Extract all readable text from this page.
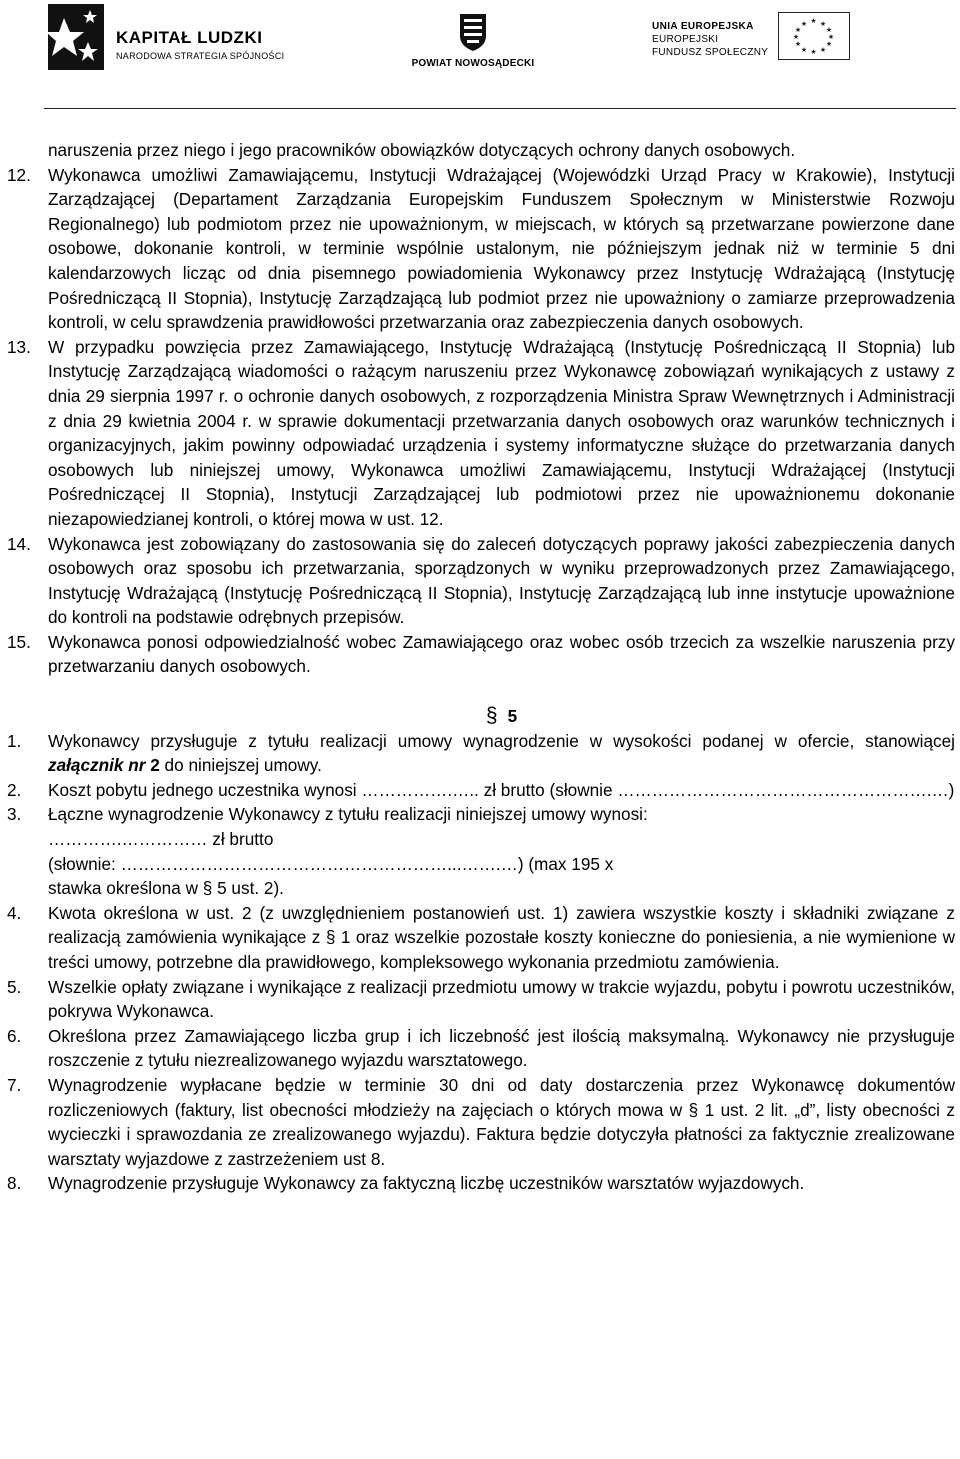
KAPITAŁ LUDZKI
NARODOWA STRATEGIA SPÓJNOŚCI
POWIAT NOWOSĄDECKI
UNIA EUROPEJSKA
EUROPEJSKI
FUNDUSZ SPOŁECZNY
★ ★
★
★
★
★
★
★
★
★
★
★

naruszenia przez niego i jego pracowników obowiązków dotyczących ochrony danych osobowych.

12. Wykonawca umożliwi Zamawiającemu, Instytucji Wdrażającej (Wojewódzki Urząd Pracy w Krakowie), Instytucji Zarządzającej (Departament Zarządzania Europejskim Funduszem Społecznym w Ministerstwie Rozwoju Regionalnego) lub podmiotom przez nie upoważnionym, w miejscach, w których są przetwarzane powierzone dane osobowe, dokonanie kontroli, w terminie wspólnie ustalonym, nie późniejszym jednak niż w terminie 5 dni kalendarzowych licząc od dnia pisemnego powiadomienia Wykonawcy przez Instytucję Wdrażającą (Instytucję Pośredniczącą II Stopnia), Instytucję Zarządzającą lub podmiot przez nie upoważniony o zamiarze przeprowadzenia kontroli, w celu sprawdzenia prawidłowości przetwarzania oraz zabezpieczenia danych osobowych.
13. W przypadku powzięcia przez Zamawiającego, Instytucję Wdrażającą (Instytucję Pośredniczącą II Stopnia) lub Instytucję Zarządzającą wiadomości o rażącym naruszeniu przez Wykonawcę zobowiązań wynikających z ustawy z dnia 29 sierpnia 1997 r. o ochronie danych osobowych, z rozporządzenia Ministra Spraw Wewnętrznych i Administracji z dnia 29 kwietnia 2004 r. w sprawie dokumentacji przetwarzania danych osobowych oraz warunków technicznych i organizacyjnych, jakim powinny odpowiadać urządzenia i systemy informatyczne służące do przetwarzania danych osobowych lub niniejszej umowy, Wykonawca umożliwi Zamawiającemu, Instytucji Wdrażającej (Instytucji Pośredniczącej II Stopnia), Instytucji Zarządzającej lub podmiotowi przez nie upoważnionemu dokonanie niezapowiedzianej kontroli, o której mowa w ust. 12.
14. Wykonawca jest zobowiązany do zastosowania się do zaleceń dotyczących poprawy jakości zabezpieczenia danych osobowych oraz sposobu ich przetwarzania, sporządzonych w wyniku przeprowadzonych przez Zamawiającego, Instytucję Wdrażającą (Instytucję Pośredniczącą II Stopnia), Instytucję Zarządzającą lub inne instytucje upoważnione do kontroli na podstawie odrębnych przepisów.
15. Wykonawca ponosi odpowiedzialność wobec Zamawiającego oraz wobec osób trzecich za wszelkie naruszenia przy przetwarzaniu danych osobowych.

§ 5

1. Wykonawcy przysługuje z tytułu realizacji umowy wynagrodzenie w wysokości podanej w ofercie, stanowiącej załącznik nr 2 do niniejszej umowy.
2. Koszt pobytu jednego uczestnika wynosi …………….….. zł brutto (słownie ……………………………………………….…)
3. Łączne wynagrodzenie Wykonawcy z tytułu realizacji niniejszej umowy wynosi:
………….…………… zł brutto
(słownie: …………………………………………………...…….…) (max 195 x
stawka określona w § 5 ust. 2).
4. Kwota określona w ust. 2 (z uwzględnieniem postanowień ust. 1) zawiera wszystkie koszty i składniki związane z realizacją zamówienia wynikające z § 1 oraz wszelkie pozostałe koszty konieczne do poniesienia, a nie wymienione w treści umowy, potrzebne dla prawidłowego, kompleksowego wykonania przedmiotu zamówienia.
5. Wszelkie opłaty związane i wynikające z realizacji przedmiotu umowy w trakcie wyjazdu, pobytu i powrotu uczestników, pokrywa Wykonawca.
6. Określona przez Zamawiającego liczba grup i ich liczebność jest ilością maksymalną. Wykonawcy nie przysługuje roszczenie z tytułu niezrealizowanego wyjazdu warsztatowego.
7. Wynagrodzenie wypłacane będzie w terminie 30 dni od daty dostarczenia przez Wykonawcę dokumentów rozliczeniowych (faktury, list obecności młodzieży na zajęciach o których mowa w § 1 ust. 2 lit. „d”, listy obecności z wycieczki i sprawozdania ze zrealizowanego wyjazdu). Faktura będzie dotyczyła płatności za faktycznie zrealizowane warsztaty wyjazdowe z zastrzeżeniem ust 8.
8. Wynagrodzenie przysługuje Wykonawcy za faktyczną liczbę uczestników warsztatów wyjazdowych.
